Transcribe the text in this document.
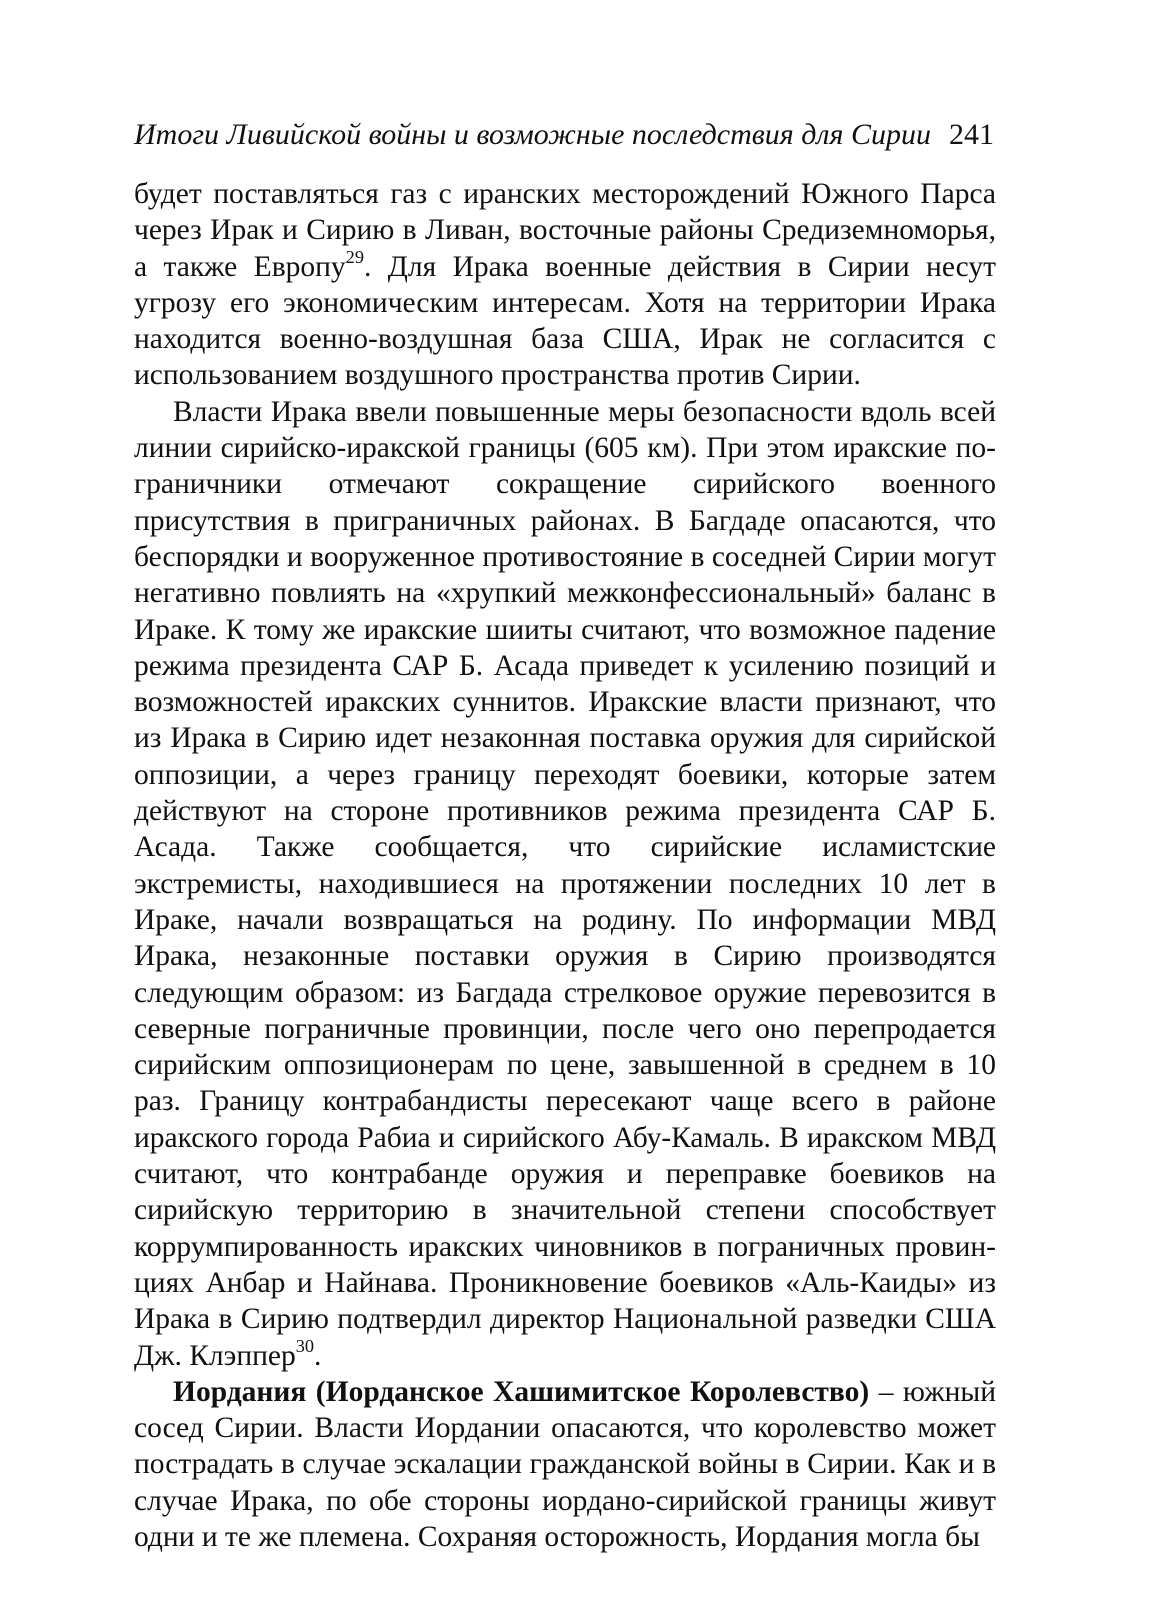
Итоги Ливийской войны и возможные последствия для Сирии 241

будет поставляться газ с иранских месторождений Южного Парса через Ирак и Сирию в Ливан, восточные районы Средиземноморья, а также Европу$^{29}$. Для Ирака военные действия в Сирии несут угрозу его экономическим интересам. Хотя на территории Ирака находится военно-воздушная база США, Ирак не согласится с использованием воздушного пространства против Сирии.

Власти Ирака ввели повышенные меры безопасности вдоль всей линии сирийско-иракской границы (605 км). При этом иракские пограничники отмечают сокращение сирийского военного присутствия в приграничных районах. В Багдаде опасаются, что беспорядки и вооруженное противостояние в соседней Сирии могут негативно повлиять на «хрупкий межконфессиональный» баланс в Ираке. К тому же иракские шииты считают, что возможное падение режима президента САР Б. Асада приведет к усилению позиций и возможностей иракских суннитов. Иракские власти признают, что из Ирака в Сирию идет незаконная поставка оружия для сирийской оппозиции, а через границу переходят боевики, которые затем действуют на стороне противников режима президента САР Б. Асада. Также сообщается, что сирийские исламистские экстремисты, находившиеся на протяжении последних 10 лет в Ираке, начали возвращаться на родину. По информации МВД Ирака, незаконные поставки оружия в Сирию производятся следующим образом: из Багдада стрелковое оружие перевозится в северные пограничные провинции, после чего оно перепродается сирийским оппозиционерам по цене, завышенной в среднем в 10 раз. Границу контрабандисты пересекают чаще всего в районе иракского города Рабиа и сирийского Абу-Камаль. В иракском МВД считают, что контрабанде оружия и переправке боевиков на сирийскую территорию в значительной степени способствует коррумпированность иракских чиновников в пограничных провинциях Анбар и Найнава. Проникновение боевиков «Аль-Каиды» из Ирака в Сирию подтвердил директор Национальной разведки США Дж. Клэппер$^{30}$.

Иордания (Иорданское Хашимитское Королевство) – южный сосед Сирии. Власти Иордании опасаются, что королевство может пострадать в случае эскалации гражданской войны в Сирии. Как и в случае Ирака, по обе стороны иордано-сирийской границы живут одни и те же племена. Сохраняя осторожность, Иордания могла бы
